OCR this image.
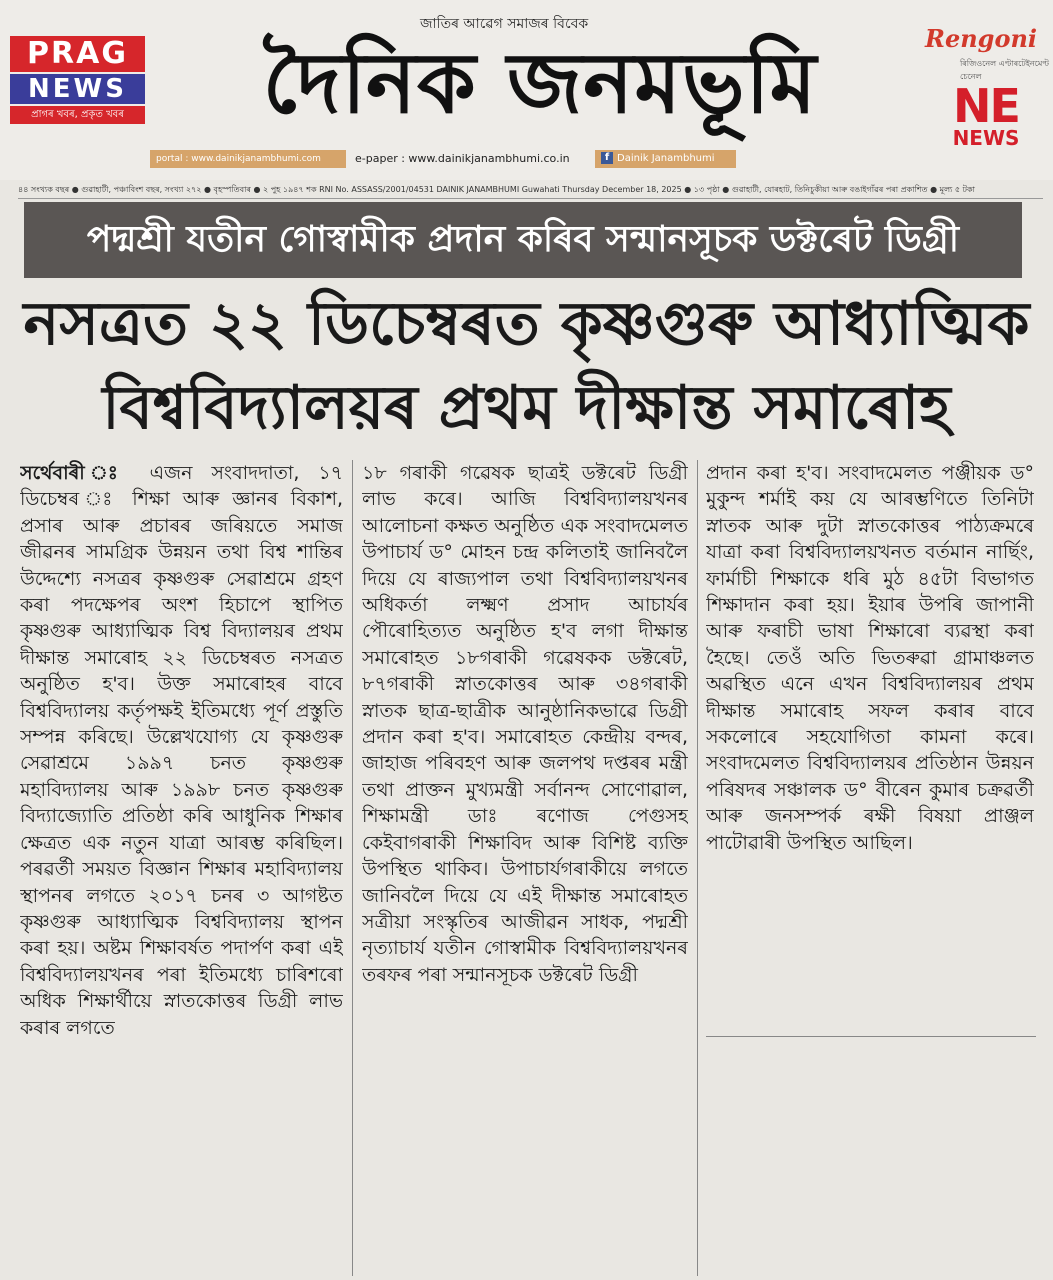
PRAG
NEWS
প্ৰাগৰ খবৰ, প্ৰকৃত খবৰ
জাতিৰ আৱেগ সমাজৰ বিবেক
দৈনিক জনমভূমি	Rengoni
ৰিজিওনেল এণ্টাৰটেইনমেণ্ট চেনেল
NE
NEWS
portal : www.dainikjanambhumi.com	e-paper : www.dainikjanambhumi.co.in	f Dainik Janambhumi
৪৪ সংখ্যক বছৰ ● গুৱাহাটী, পঞ্চাবিংশ বছৰ, সংখ্যা ২৭২ ● বৃহস্পতিবাৰ ● ২ পুহ ১৯৪৭ শক RNI No. ASSASS/2001/04531 DAINIK JANAMBHUMI Guwahati Thursday December 18, 2025 ● ১৩ পৃষ্ঠা ● গুৱাহাটী, যোৰহাট, তিনিচুকীয়া আৰু বঙাইগাঁৱৰ পৰা প্ৰকাশিত ● মূল্য ৫ টকা
পদ্মশ্ৰী যতীন গোস্বামীক প্ৰদান কৰিব সন্মানসূচক ডক্টৰেট ডিগ্ৰী
নসত্ৰত ২২ ডিচেম্বৰত কৃষ্ণগুৰু আধ্যাত্মিক
বিশ্ববিদ্যালয়ৰ প্ৰথম দীক্ষান্ত সমাৰোহ
সৰ্থেবাৰী ঃ এজন সংবাদদাতা, ১৭ ডিচেম্বৰ ঃ শিক্ষা আৰু জ্ঞানৰ বিকাশ, প্ৰসাৰ আৰু প্ৰচাৰৰ জৰিয়তে সমাজ জীৱনৰ সামগ্ৰিক উন্নয়ন তথা বিশ্ব শান্তিৰ উদ্দেশ্যে নসত্ৰৰ কৃষ্ণগুৰু সেৱাশ্ৰমে গ্ৰহণ কৰা পদক্ষেপৰ অংশ হিচাপে স্থাপিত কৃষ্ণগুৰু আধ্যাত্মিক বিশ্ব বিদ্যালয়ৰ প্ৰথম দীক্ষান্ত সমাৰোহ ২২ ডিচেম্বৰত নসত্ৰত অনুষ্ঠিত হ'ব। উক্ত সমাৰোহৰ বাবে বিশ্ববিদ্যালয় কৰ্তৃপক্ষই ইতিমধ্যে পূৰ্ণ প্ৰস্তুতি সম্পন্ন কৰিছে। উল্লেখযোগ্য যে কৃষ্ণগুৰু সেৱাশ্ৰমে ১৯৯৭ চনত কৃষ্ণগুৰু মহাবিদ্যালয় আৰু ১৯৯৮ চনত কৃষ্ণগুৰু বিদ্যাজ্যোতি প্ৰতিষ্ঠা কৰি আধুনিক শিক্ষাৰ ক্ষেত্ৰত এক নতুন যাত্ৰা আৰম্ভ কৰিছিল। পৰৱৰ্তী সময়ত বিজ্ঞান শিক্ষাৰ মহাবিদ্যালয় স্থাপনৰ লগতে ২০১৭ চনৰ ৩ আগষ্টত কৃষ্ণগুৰু আধ্যাত্মিক বিশ্ববিদ্যালয় স্থাপন কৰা হয়। অষ্টম শিক্ষাবৰ্ষত পদাৰ্পণ কৰা এই বিশ্ববিদ্যালয়খনৰ পৰা ইতিমধ্যে চাৰিশৰো অধিক শিক্ষাৰ্থীয়ে স্নাতকোত্তৰ ডিগ্ৰী লাভ কৰাৰ লগতে
১৮ গৰাকী গৱেষক ছাত্ৰই ডক্টৰেট ডিগ্ৰী লাভ কৰে। আজি বিশ্ববিদ্যালয়খনৰ আলোচনা কক্ষত অনুষ্ঠিত এক সংবাদমেলত উপাচাৰ্য ড° মোহন চন্দ্ৰ কলিতাই জানিবলৈ দিয়ে যে ৰাজ্যপাল তথা বিশ্ববিদ্যালয়খনৰ অধিকৰ্তা লক্ষ্মণ প্ৰসাদ আচাৰ্যৰ পৌৰোহিত্যত অনুষ্ঠিত হ'ব লগা দীক্ষান্ত সমাৰোহত ১৮গৰাকী গৱেষকক ডক্টৰেট, ৮৭গৰাকী স্নাতকোত্তৰ আৰু ৩৪গৰাকী স্নাতক ছাত্ৰ-ছাত্ৰীক আনুষ্ঠানিকভাৱে ডিগ্ৰী প্ৰদান কৰা হ'ব। সমাৰোহত কেন্দ্ৰীয় বন্দৰ, জাহাজ পৰিবহণ আৰু জলপথ দপ্তৰৰ মন্ত্ৰী তথা প্ৰাক্তন মুখ্যমন্ত্ৰী সৰ্বানন্দ সোণোৱাল, শিক্ষামন্ত্ৰী ডাঃ ৰণোজ পেগুসহ কেইবাগৰাকী শিক্ষাবিদ আৰু বিশিষ্ট ব্যক্তি উপস্থিত থাকিব। উপাচাৰ্যগৰাকীয়ে লগতে জানিবলৈ দিয়ে যে এই দীক্ষান্ত সমাৰোহত সত্ৰীয়া সংস্কৃতিৰ আজীৱন সাধক, পদ্মশ্ৰী নৃত্যাচাৰ্য যতীন গোস্বামীক বিশ্ববিদ্যালয়খনৰ তৰফৰ পৰা সন্মানসূচক ডক্টৰেট ডিগ্ৰী
প্ৰদান কৰা হ'ব। সংবাদমেলত পঞ্জীয়ক ড° মুকুন্দ শৰ্মাই কয় যে আৰম্ভণিতে তিনিটা স্নাতক আৰু দুটা স্নাতকোত্তৰ পাঠ্যক্ৰমৰে যাত্ৰা কৰা বিশ্ববিদ্যালয়খনত বৰ্তমান নাৰ্ছিং, ফাৰ্মাচী শিক্ষাকে ধৰি মুঠ ৪৫টা বিভাগত শিক্ষাদান কৰা হয়। ইয়াৰ উপৰি জাপানী আৰু ফৰাচী ভাষা শিক্ষাৰো ব্যৱস্থা কৰা হৈছে। তেওঁ অতি ভিতৰুৱা গ্ৰামাঞ্চলত অৱস্থিত এনে এখন বিশ্ববিদ্যালয়ৰ প্ৰথম দীক্ষান্ত সমাৰোহ সফল কৰাৰ বাবে সকলোৰে সহযোগিতা কামনা কৰে। সংবাদমেলত বিশ্ববিদ্যালয়ৰ প্ৰতিষ্ঠান উন্নয়ন পৰিষদৰ সঞ্চালক ড° বীৰেন কুমাৰ চক্ৰৱৰ্তী আৰু জনসম্পৰ্ক ৰক্ষী বিষয়া প্ৰাঞ্জল পাটোৱাৰী উপস্থিত আছিল।
